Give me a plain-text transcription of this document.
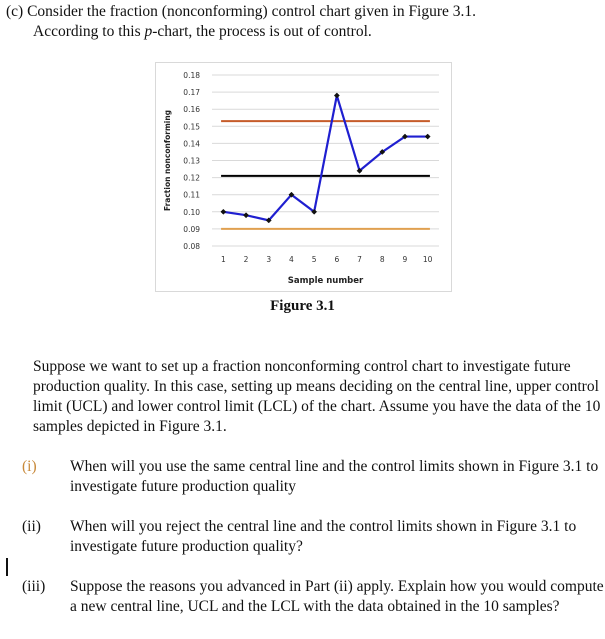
(c) Consider the fraction (nonconforming) control chart given in Figure 3.1.
According to this p-chart, the process is out of control.
0.08
0.09
0.10
0.11
0.12
0.13
0.14
0.15
0.16
0.17
0.18
1 2 3 4 5 6 7 8 9 10
Sample number
Fraction nonconforming
Figure 3.1
Suppose we want to set up a fraction nonconforming control chart to investigate future production quality. In this case, setting up means deciding on the central line, upper control limit (UCL) and lower control limit (LCL) of the chart. Assume you have the data of the 10 samples depicted in Figure 3.1.
(i)	When will you use the same central line and the control limits shown in Figure 3.1 to investigate future production quality
(ii)	When will you reject the central line and the control limits shown in Figure 3.1 to investigate future production quality?
(iii)	Suppose the reasons you advanced in Part (ii) apply. Explain how you would compute a new central line, UCL and the LCL with the data obtained in the 10 samples?
